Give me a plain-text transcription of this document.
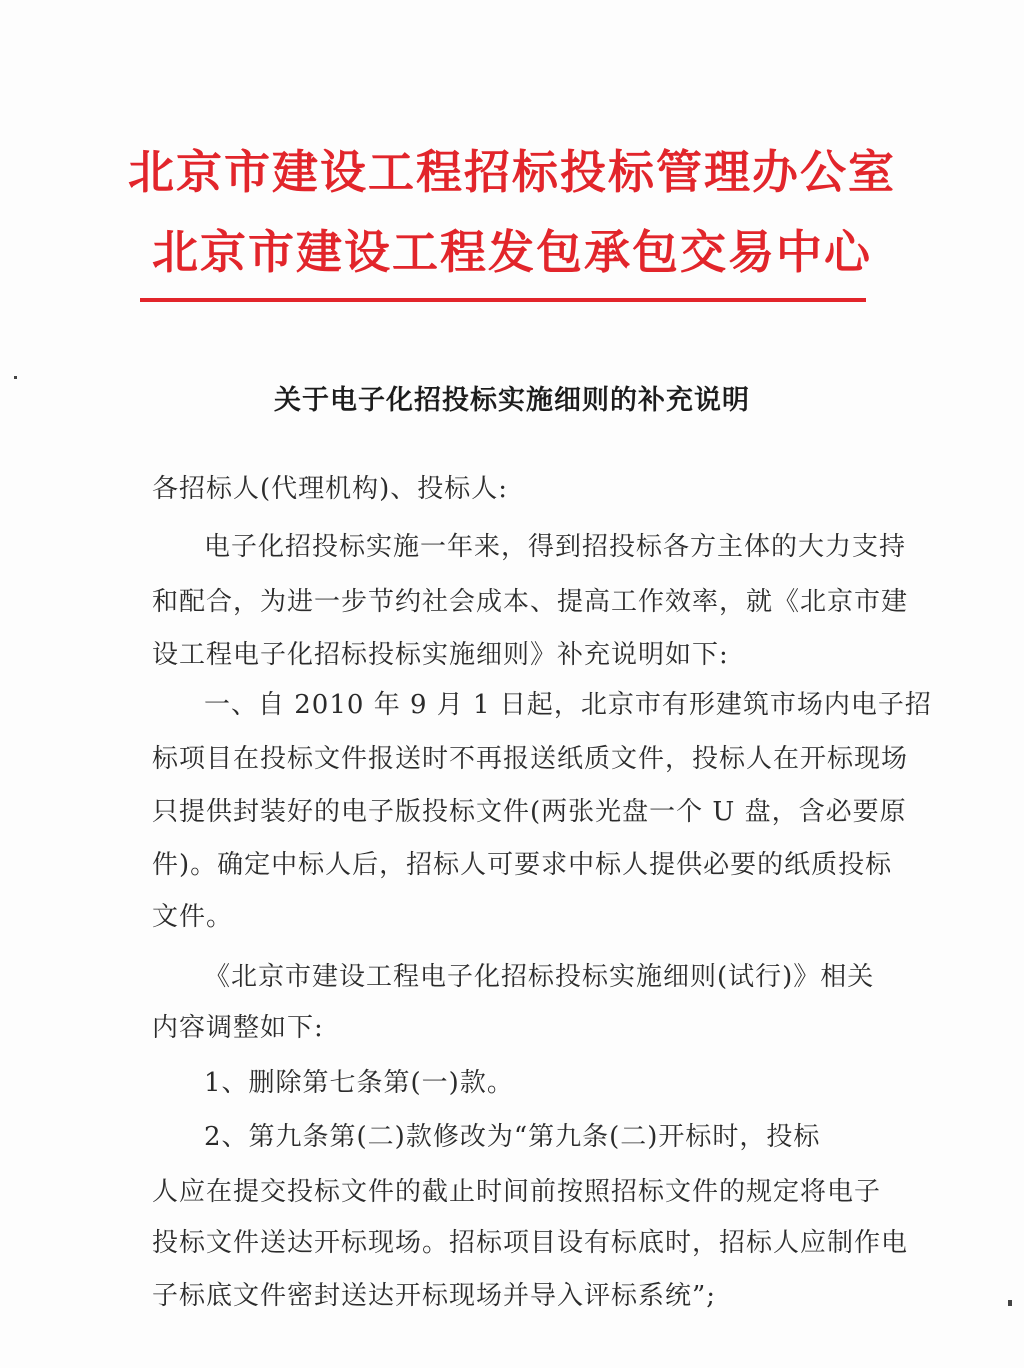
北京市建设工程招标投标管理办公室
北京市建设工程发包承包交易中心
关于电子化招投标实施细则的补充说明
各招标人(代理机构)、投标人:
电子化招投标实施一年来，得到招投标各方主体的大力支持
和配合，为进一步节约社会成本、提高工作效率，就《北京市建
设工程电子化招标投标实施细则》补充说明如下:
一、自 2010 年 9 月 1 日起，北京市有形建筑市场内电子招
标项目在投标文件报送时不再报送纸质文件，投标人在开标现场
只提供封装好的电子版投标文件(两张光盘一个 U 盘，含必要原
件)。确定中标人后，招标人可要求中标人提供必要的纸质投标
文件。
《北京市建设工程电子化招标投标实施细则(试行)》相关
内容调整如下:
1、删除第七条第(一)款。
2、第九条第(二)款修改为“第九条(二)开标时，投标
人应在提交投标文件的截止时间前按照招标文件的规定将电子
投标文件送达开标现场。招标项目设有标底时，招标人应制作电
子标底文件密封送达开标现场并导入评标系统”;
